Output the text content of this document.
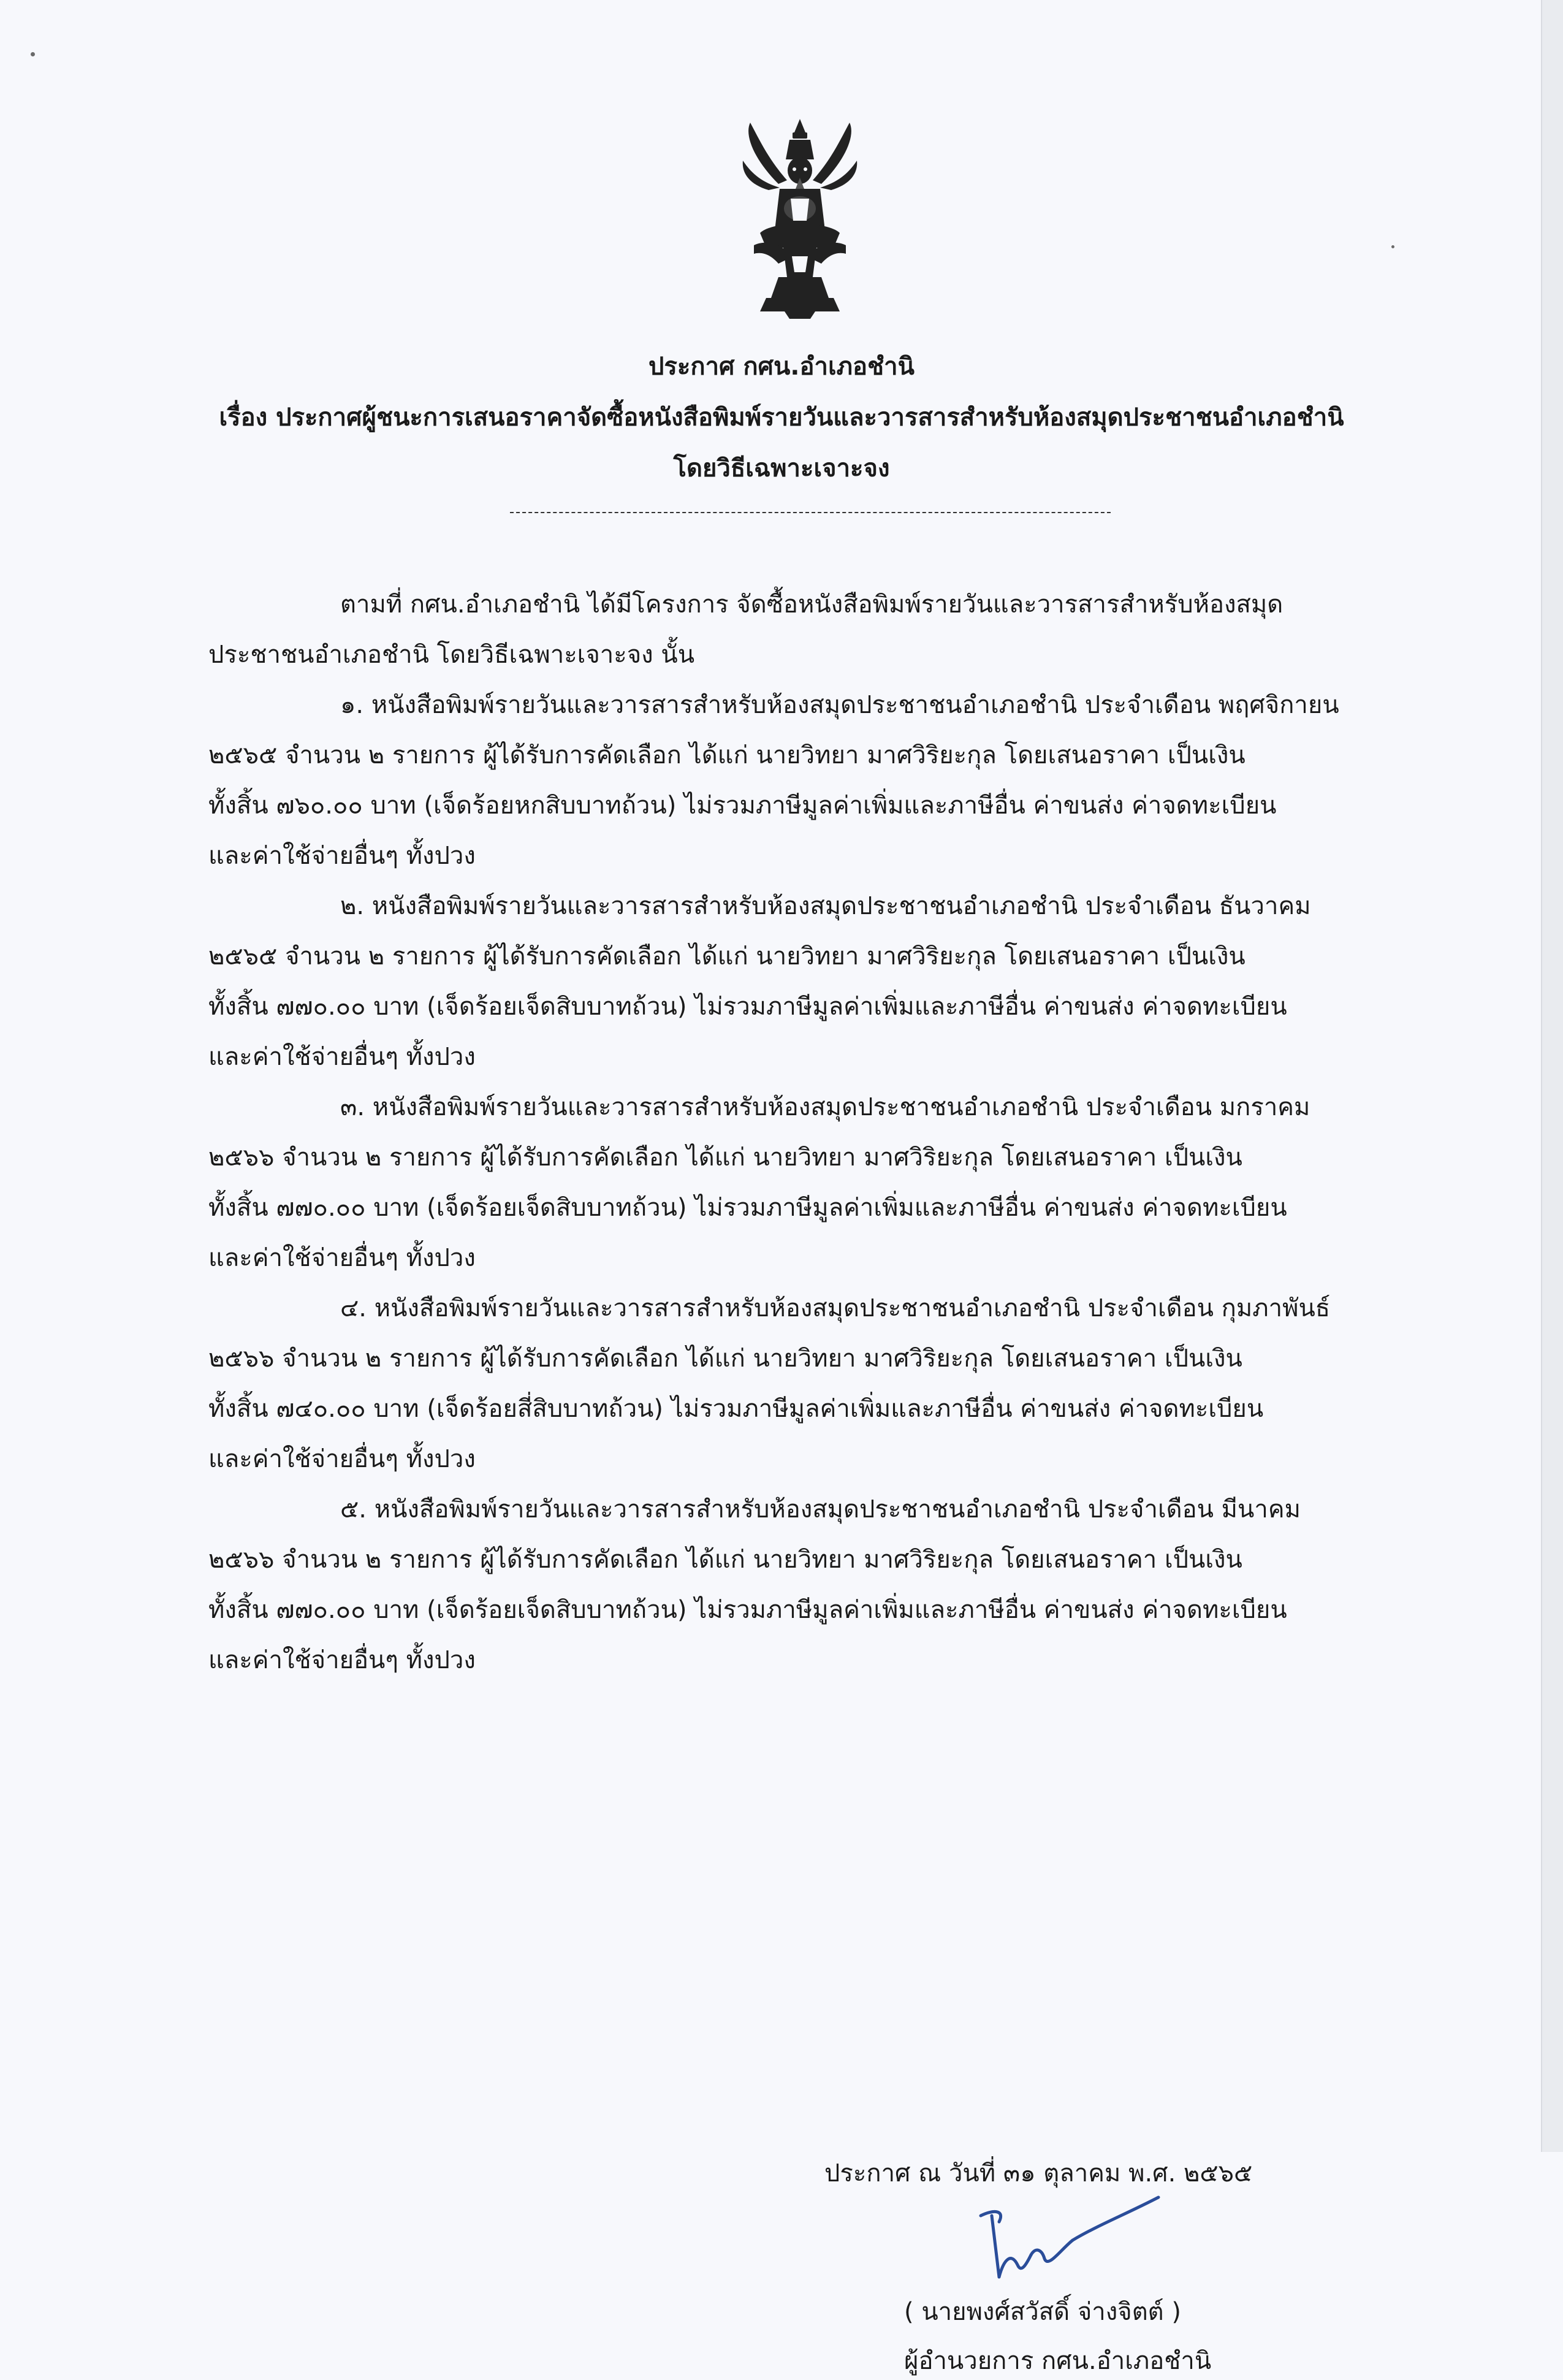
ประกาศ กศน.อำเภอชำนิ
เรื่อง ประกาศผู้ชนะการเสนอราคาจัดซื้อหนังสือพิมพ์รายวันและวารสารสำหรับห้องสมุดประชาชนอำเภอชำนิ
โดยวิธีเฉพาะเจาะจง

ตามที่ กศน.อำเภอชำนิ ได้มีโครงการ จัดซื้อหนังสือพิมพ์รายวันและวารสารสำหรับห้องสมุด

ประชาชนอำเภอชำนิ โดยวิธีเฉพาะเจาะจง นั้น

๑. หนังสือพิมพ์รายวันและวารสารสำหรับห้องสมุดประชาชนอำเภอชำนิ ประจำเดือน พฤศจิกายน

๒๕๖๕ จำนวน ๒ รายการ ผู้ได้รับการคัดเลือก ได้แก่ นายวิทยา มาศวิริยะกุล โดยเสนอราคา เป็นเงิน

ทั้งสิ้น ๗๖๐.๐๐ บาท (เจ็ดร้อยหกสิบบาทถ้วน) ไม่รวมภาษีมูลค่าเพิ่มและภาษีอื่น ค่าขนส่ง ค่าจดทะเบียน

และค่าใช้จ่ายอื่นๆ ทั้งปวง

๒. หนังสือพิมพ์รายวันและวารสารสำหรับห้องสมุดประชาชนอำเภอชำนิ ประจำเดือน ธันวาคม

๒๕๖๕ จำนวน ๒ รายการ ผู้ได้รับการคัดเลือก ได้แก่ นายวิทยา มาศวิริยะกุล โดยเสนอราคา เป็นเงิน

ทั้งสิ้น ๗๗๐.๐๐ บาท (เจ็ดร้อยเจ็ดสิบบาทถ้วน) ไม่รวมภาษีมูลค่าเพิ่มและภาษีอื่น ค่าขนส่ง ค่าจดทะเบียน

และค่าใช้จ่ายอื่นๆ ทั้งปวง

๓. หนังสือพิมพ์รายวันและวารสารสำหรับห้องสมุดประชาชนอำเภอชำนิ ประจำเดือน มกราคม

๒๕๖๖ จำนวน ๒ รายการ ผู้ได้รับการคัดเลือก ได้แก่ นายวิทยา มาศวิริยะกุล โดยเสนอราคา เป็นเงิน

ทั้งสิ้น ๗๗๐.๐๐ บาท (เจ็ดร้อยเจ็ดสิบบาทถ้วน) ไม่รวมภาษีมูลค่าเพิ่มและภาษีอื่น ค่าขนส่ง ค่าจดทะเบียน

และค่าใช้จ่ายอื่นๆ ทั้งปวง

๔. หนังสือพิมพ์รายวันและวารสารสำหรับห้องสมุดประชาชนอำเภอชำนิ ประจำเดือน กุมภาพันธ์

๒๕๖๖ จำนวน ๒ รายการ ผู้ได้รับการคัดเลือก ได้แก่ นายวิทยา มาศวิริยะกุล โดยเสนอราคา เป็นเงิน

ทั้งสิ้น ๗๔๐.๐๐ บาท (เจ็ดร้อยสี่สิบบาทถ้วน) ไม่รวมภาษีมูลค่าเพิ่มและภาษีอื่น ค่าขนส่ง ค่าจดทะเบียน

และค่าใช้จ่ายอื่นๆ ทั้งปวง

๕. หนังสือพิมพ์รายวันและวารสารสำหรับห้องสมุดประชาชนอำเภอชำนิ ประจำเดือน มีนาคม

๒๕๖๖ จำนวน ๒ รายการ ผู้ได้รับการคัดเลือก ได้แก่ นายวิทยา มาศวิริยะกุล โดยเสนอราคา เป็นเงิน

ทั้งสิ้น ๗๗๐.๐๐ บาท (เจ็ดร้อยเจ็ดสิบบาทถ้วน) ไม่รวมภาษีมูลค่าเพิ่มและภาษีอื่น ค่าขนส่ง ค่าจดทะเบียน

และค่าใช้จ่ายอื่นๆ ทั้งปวง

ประกาศ ณ วันที่ ๓๑ ตุลาคม พ.ศ. ๒๕๖๕
( นายพงศ์สวัสดิ์ จ่างจิตต์ )
ผู้อำนวยการ กศน.อำเภอชำนิ
